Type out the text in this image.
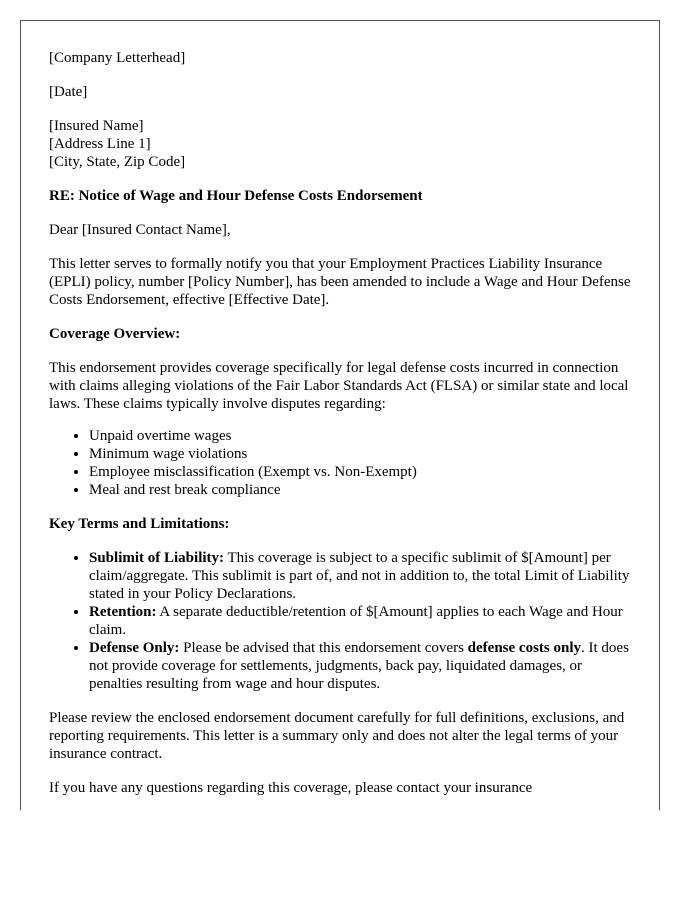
[Company Letterhead]

[Date]

[Insured Name]
[Address Line 1]
[City, State, Zip Code]

RE: Notice of Wage and Hour Defense Costs Endorsement

Dear [Insured Contact Name],

This letter serves to formally notify you that your Employment Practices Liability Insurance (EPLI) policy, number [Policy Number], has been amended to include a Wage and Hour Defense Costs Endorsement, effective [Effective Date].

Coverage Overview:

This endorsement provides coverage specifically for legal defense costs incurred in connection with claims alleging violations of the Fair Labor Standards Act (FLSA) or similar state and local laws. These claims typically involve disputes regarding:

• Unpaid overtime wages
• Minimum wage violations
• Employee misclassification (Exempt vs. Non-Exempt)
• Meal and rest break compliance

Key Terms and Limitations:

• Sublimit of Liability: This coverage is subject to a specific sublimit of $[Amount] per claim/aggregate. This sublimit is part of, and not in addition to, the total Limit of Liability stated in your Policy Declarations.
• Retention: A separate deductible/retention of $[Amount] applies to each Wage and Hour claim.
• Defense Only: Please be advised that this endorsement covers defense costs only. It does not provide coverage for settlements, judgments, back pay, liquidated damages, or penalties resulting from wage and hour disputes.

Please review the enclosed endorsement document carefully for full definitions, exclusions, and reporting requirements. This letter is a summary only and does not alter the legal terms of your insurance contract.

If you have any questions regarding this coverage, please contact your insurance
